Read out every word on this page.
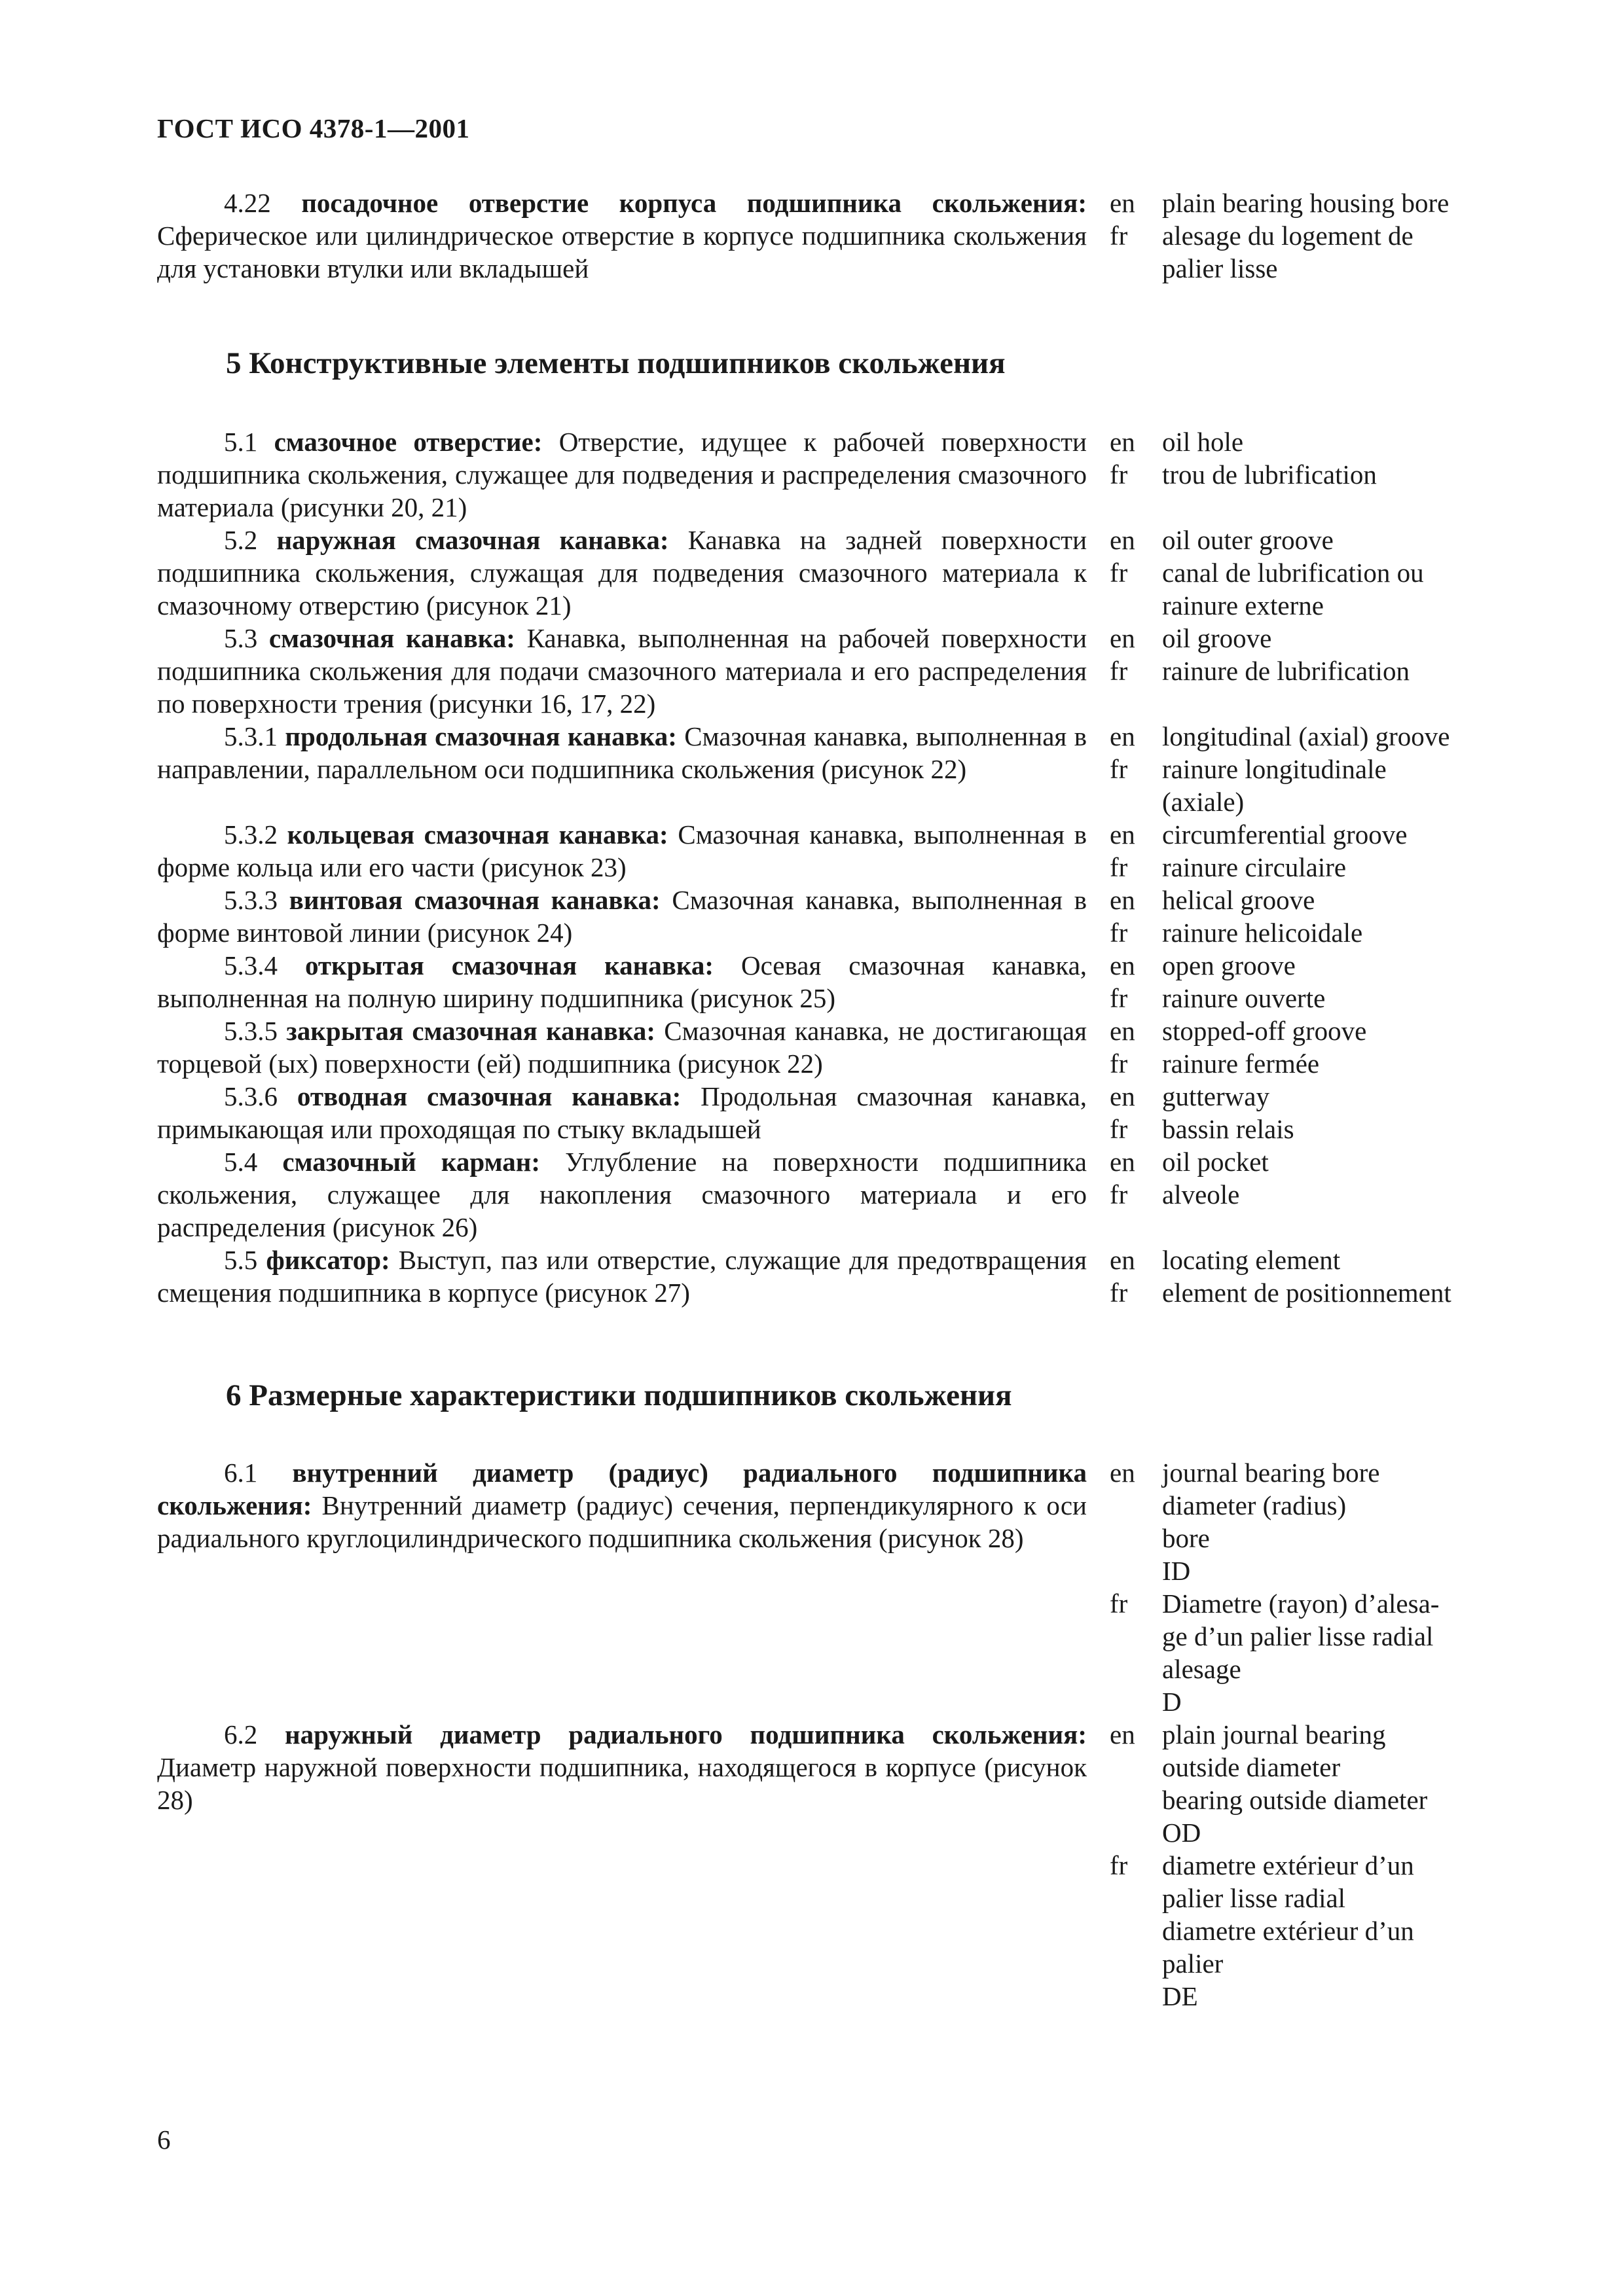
ГОСТ ИСО 4378-1—2001
4.22 посадочное отверстие корпуса подшипника скольжения: Сферическое или цилиндрическое отверстие в корпусе подшипника скольжения для установки втулки или вкладышей
en
fr
plain bearing housing bore
alesage du logement de
palier lisse
5 Конструктивные элементы подшипников скольжения
5.1 смазочное отверстие: Отверстие, идущее к рабочей поверхности подшипника скольжения, служащее для подведения и распределения смазочного материала (рисунки 20, 21)
en
fr
oil hole
trou de lubrification
5.2 наружная смазочная канавка: Канавка на задней поверхности подшипника скольжения, служащая для подведения смазочного материала к смазочному отверстию (рисунок 21)
en
fr
oil outer groove
canal de lubrification ou
rainure externe
5.3 смазочная канавка: Канавка, выполненная на рабочей поверхности подшипника скольжения для подачи смазочного материала и его распределения по поверхности трения (рисунки 16, 17, 22)
en
fr
oil groove
rainure de lubrification
5.3.1 продольная смазочная канавка: Смазочная канавка, выполненная в направлении, параллельном оси подшипника скольжения (рисунок 22)
en
fr
longitudinal (axial) groove
rainure longitudinale
(axiale)
5.3.2 кольцевая смазочная канавка: Смазочная канавка, выполненная в форме кольца или его части (рисунок 23)
en
fr
circumferential groove
rainure circulaire
5.3.3 винтовая смазочная канавка: Смазочная канавка, выполненная в форме винтовой линии (рисунок 24)
en
fr
helical groove
rainure helicoidale
5.3.4 открытая смазочная канавка: Осевая смазочная канавка, выполненная на полную ширину подшипника (рисунок 25)
en
fr
open groove
rainure ouverte
5.3.5 закрытая смазочная канавка: Смазочная канавка, не достигающая торцевой (ых) поверхности (ей) подшипника (рисунок 22)
en
fr
stopped-off groove
rainure fermée
5.3.6 отводная смазочная канавка: Продольная смазочная канавка, примыкающая или проходящая по стыку вкладышей
en
fr
gutterway
bassin relais
5.4 смазочный карман: Углубление на поверхности подшипника скольжения, служащее для накопления смазочного материала и его распределения (рисунок 26)
en
fr
oil pocket
alveole
5.5 фиксатор: Выступ, паз или отверстие, служащие для предотвращения смещения подшипника в корпусе (рисунок 27)
en
fr
locating element
element de positionnement
6 Размерные характеристики подшипников скольжения
6.1 внутренний диаметр (радиус) радиального подшипника скольжения: Внутренний диаметр (радиус) сечения, перпендикулярного к оси радиального круглоцилиндрического подшипника скольжения (рисунок 28)
en

fr
journal bearing bore
diameter (radius)
bore
ID
Diametre (rayon) d’alesa-
ge d’un palier lisse radial
alesage
D
6.2 наружный диаметр радиального подшипника скольжения: Диаметр наружной поверхности подшипника, находящегося в корпусе (рисунок 28)
en

fr
plain journal bearing
outside diameter
bearing outside diameter
OD
diametre extérieur d’un
palier lisse radial
diametre extérieur d’un
palier
DE
6
